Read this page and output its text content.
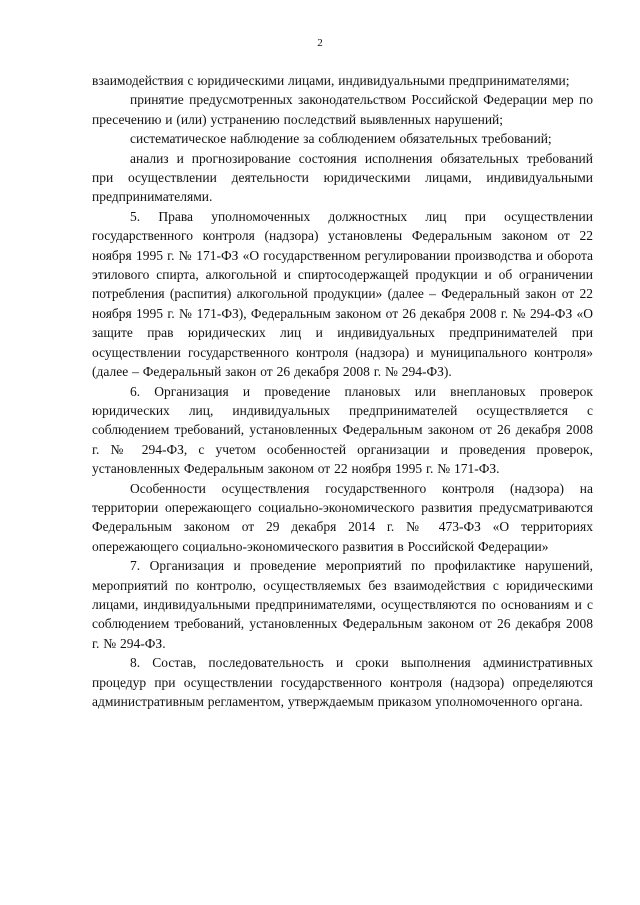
2

взаимодействия с юридическими лицами, индивидуальными предпринимателями;

принятие предусмотренных законодательством Российской Федерации мер по пресечению и (или) устранению последствий выявленных нарушений;

систематическое наблюдение за соблюдением обязательных требований;

анализ и прогнозирование состояния исполнения обязательных требований при осуществлении деятельности юридическими лицами, индивидуальными предпринимателями.

5. Права уполномоченных должностных лиц при осуществлении государственного контроля (надзора) установлены Федеральным законом от 22 ноября 1995 г. № 171-ФЗ «О государственном регулировании производства и оборота этилового спирта, алкогольной и спиртосодержащей продукции и об ограничении потребления (распития) алкогольной продукции» (далее – Федеральный закон от 22 ноября 1995 г. № 171-ФЗ), Федеральным законом от 26 декабря 2008 г. № 294-ФЗ «О защите прав юридических лиц и индивидуальных предпринимателей при осуществлении государственного контроля (надзора) и муниципального контроля» (далее – Федеральный закон от 26 декабря 2008 г. № 294-ФЗ).

6. Организация и проведение плановых или внеплановых проверок юридических лиц, индивидуальных предпринимателей осуществляется с соблюдением требований, установленных Федеральным законом от 26 декабря 2008 г. № 294-ФЗ, с учетом особенностей организации и проведения проверок, установленных Федеральным законом от 22 ноября 1995 г. № 171-ФЗ.

Особенности осуществления государственного контроля (надзора) на территории опережающего социально-экономического развития предусматриваются Федеральным законом от 29 декабря 2014 г. № 473-ФЗ «О территориях опережающего социально-экономического развития в Российской Федерации»

7. Организация и проведение мероприятий по профилактике нарушений, мероприятий по контролю, осуществляемых без взаимодействия с юридическими лицами, индивидуальными предпринимателями, осуществляются по основаниям и с соблюдением требований, установленных Федеральным законом от 26 декабря 2008 г. № 294-ФЗ.

8. Состав, последовательность и сроки выполнения административных процедур при осуществлении государственного контроля (надзора) определяются административным регламентом, утверждаемым приказом уполномоченного органа.
